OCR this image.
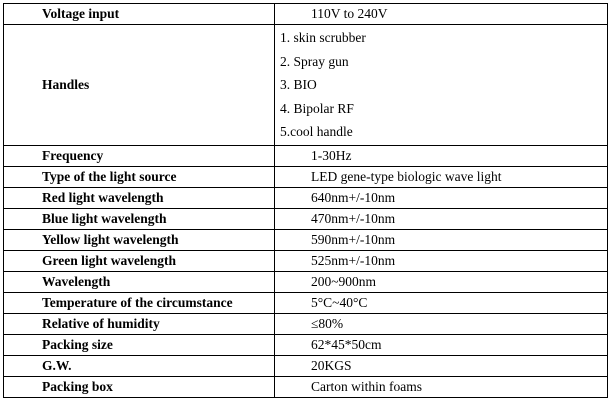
Voltage input	110V to 240V
Handles	1. skin scrubber
2. Spray gun
3. BIO
4. Bipolar RF
5.cool handle

Frequency	1-30Hz
Type of the light source	LED gene-type biologic wave light
Red light wavelength	640nm+/-10nm
Blue light wavelength	470nm+/-10nm
Yellow light wavelength	590nm+/-10nm
Green light wavelength	525nm+/-10nm
Wavelength	200~900nm
Temperature of the circumstance	5°C~40°C
Relative of humidity	≤80%
Packing size	62*45*50cm
G.W.	20KGS
Packing box	Carton within foams
